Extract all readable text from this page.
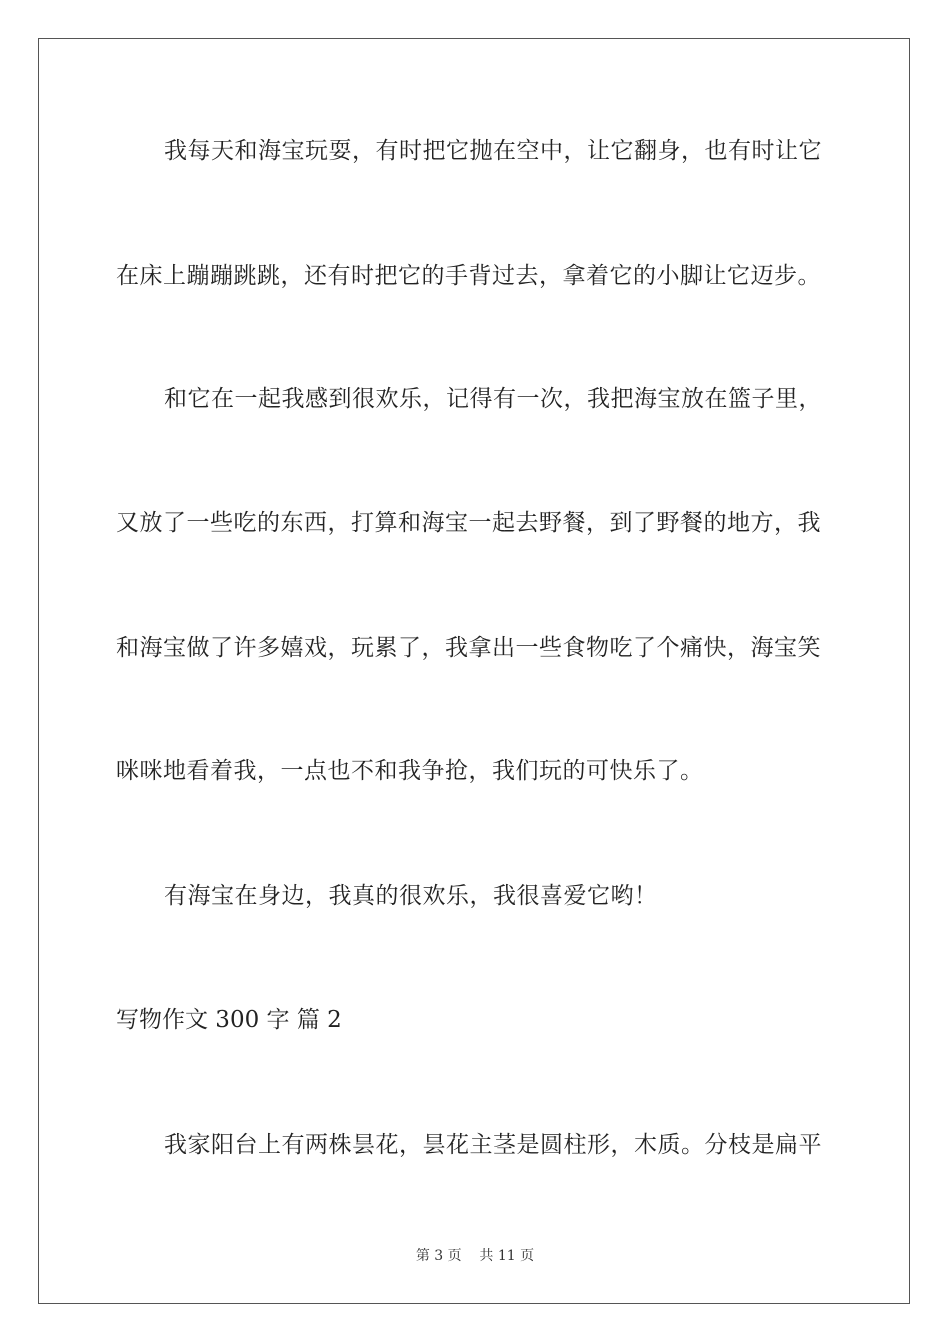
我每天和海宝玩耍，有时把它抛在空中，让它翻身，也有时让它
在床上蹦蹦跳跳，还有时把它的手背过去，拿着它的小脚让它迈步。
和它在一起我感到很欢乐，记得有一次，我把海宝放在篮子里，
又放了一些吃的东西，打算和海宝一起去野餐，到了野餐的地方，我
和海宝做了许多嬉戏，玩累了，我拿出一些食物吃了个痛快，海宝笑
咪咪地看着我，一点也不和我争抢，我们玩的可快乐了。
有海宝在身边，我真的很欢乐，我很喜爱它哟！
写物作文 300 字 篇 2
我家阳台上有两株昙花，昙花主茎是圆柱形，木质。分枝是扁平
第 3 页    共 11 页
